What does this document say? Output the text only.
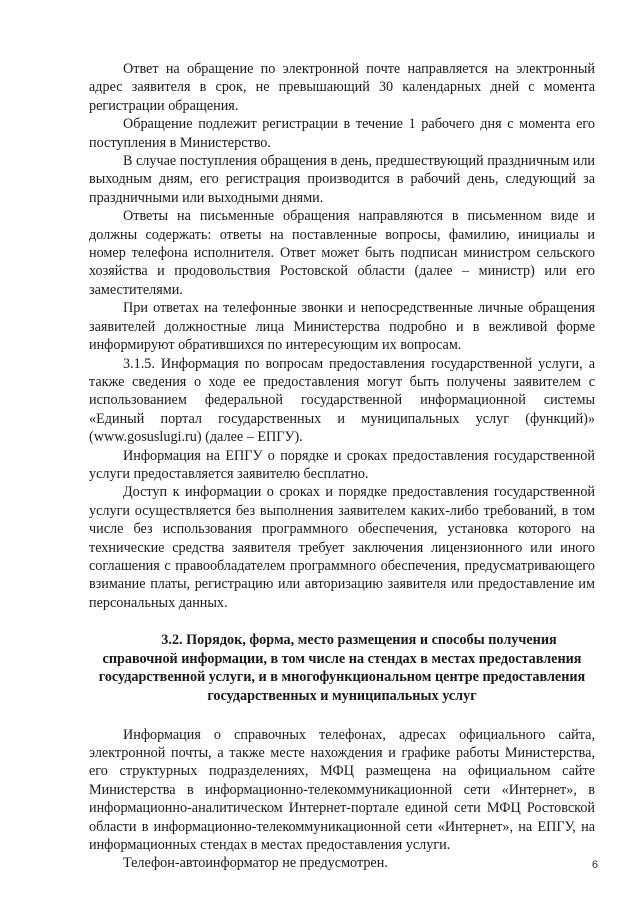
Ответ на обращение по электронной почте направляется на электронный адрес заявителя в срок, не превышающий 30 календарных дней с момента регистрации обращения.

Обращение подлежит регистрации в течение 1 рабочего дня с момента его поступления в Министерство.

В случае поступления обращения в день, предшествующий праздничным или выходным дням, его регистрация производится в рабочий день, следующий за праздничными или выходными днями.

Ответы на письменные обращения направляются в письменном виде и должны содержать: ответы на поставленные вопросы, фамилию, инициалы и номер телефона исполнителя. Ответ может быть подписан министром сельского хозяйства и продовольствия Ростовской области (далее – министр) или его заместителями.

При ответах на телефонные звонки и непосредственные личные обращения заявителей должностные лица Министерства подробно и в вежливой форме информируют обратившихся по интересующим их вопросам.

3.1.5. Информация по вопросам предоставления государственной услуги, а также сведения о ходе ее предоставления могут быть получены заявителем с использованием федеральной государственной информационной системы «Единый портал государственных и муниципальных услуг (функций)» (www.gosuslugi.ru) (далее – ЕПГУ).

Информация на ЕПГУ о порядке и сроках предоставления государственной услуги предоставляется заявителю бесплатно.

Доступ к информации о сроках и порядке предоставления государственной услуги осуществляется без выполнения заявителем каких-либо требований, в том числе без использования программного обеспечения, установка которого на технические средства заявителя требует заключения лицензионного или иного соглашения с правообладателем программного обеспечения, предусматривающего взимание платы, регистрацию или авторизацию заявителя или предоставление им персональных данных.

3.2. Порядок, форма, место размещения и способы получения
справочной информации, в том числе на стендах в местах предоставления
государственной услуги, и в многофункциональном центре предоставления
государственных и муниципальных услуг

Информация о справочных телефонах, адресах официального сайта, электронной почты, а также месте нахождения и графике работы Министерства, его структурных подразделениях, МФЦ размещена на официальном сайте Министерства в информационно-телекоммуникационной сети «Интернет», в информационно-аналитическом Интернет-портале единой сети МФЦ Ростовской области в информационно-телекоммуникационной сети «Интернет», на ЕПГУ, на информационных стендах в местах предоставления услуги.

Телефон-автоинформатор не предусмотрен.	6
